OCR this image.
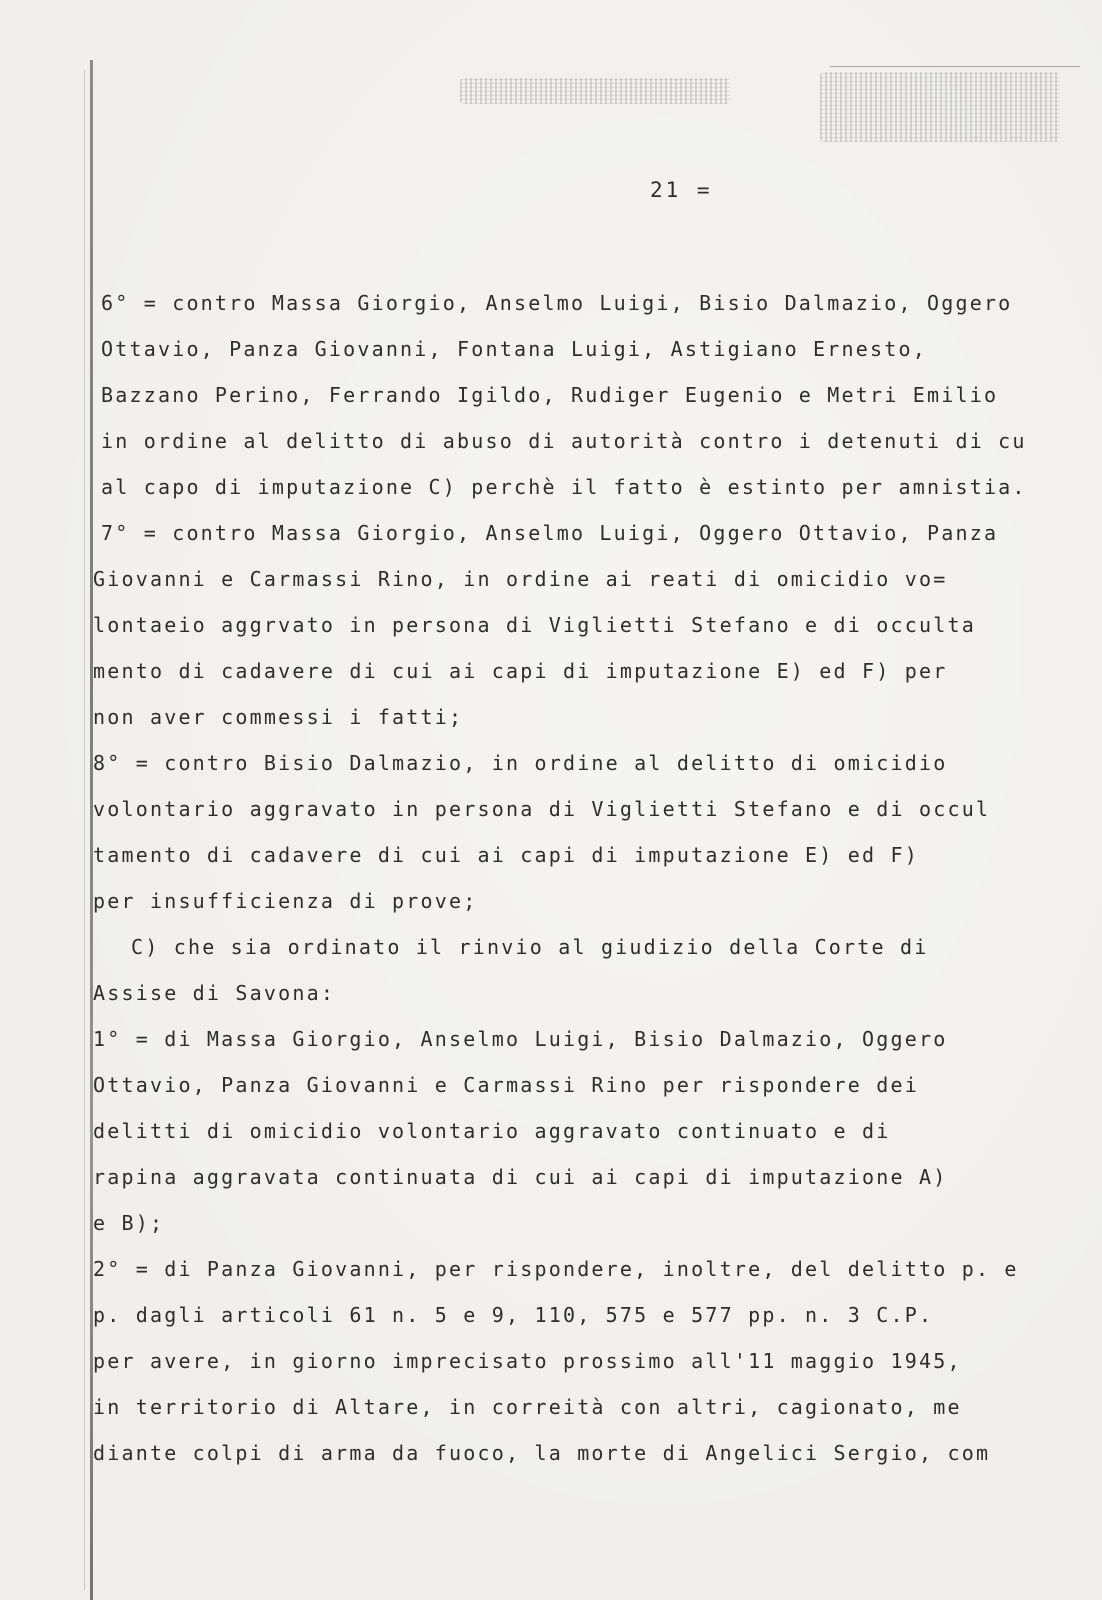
21 =
6° = contro Massa Giorgio, Anselmo Luigi, Bisio Dalmazio, Oggero
Ottavio, Panza Giovanni, Fontana Luigi, Astigiano Ernesto,
Bazzano Perino, Ferrando Igildo, Rudiger Eugenio e Metri Emilio
in ordine al delitto di abuso di autorità contro i detenuti di cu
al capo di imputazione C) perchè il fatto è estinto per amnistia.
7° = contro Massa Giorgio, Anselmo Luigi, Oggero Ottavio, Panza
Giovanni e Carmassi Rino, in ordine ai reati di omicidio vo=
lontaeio aggrvato in persona di Viglietti Stefano e di occulta
mento di cadavere di cui ai capi di imputazione E) ed F) per
non aver commessi i fatti;
8° = contro Bisio Dalmazio, in ordine al delitto di omicidio
volontario aggravato in persona di Viglietti Stefano e di occul
tamento di cadavere di cui ai capi di imputazione E) ed F)
per insufficienza di prove;
C) che sia ordinato il rinvio al giudizio della Corte di
Assise di Savona:
1° = di Massa Giorgio, Anselmo Luigi, Bisio Dalmazio, Oggero
Ottavio, Panza Giovanni e Carmassi Rino per rispondere dei
delitti di omicidio volontario aggravato continuato e di
rapina aggravata continuata di cui ai capi di imputazione A)
e B);
2° = di Panza Giovanni, per rispondere, inoltre, del delitto p. e
p. dagli articoli 61 n. 5 e 9, 110, 575 e 577 pp. n. 3 C.P.
per avere, in giorno imprecisato prossimo all'11 maggio 1945,
in territorio di Altare, in correità con altri, cagionato, me
diante colpi di arma da fuoco, la morte di Angelici Sergio, com
